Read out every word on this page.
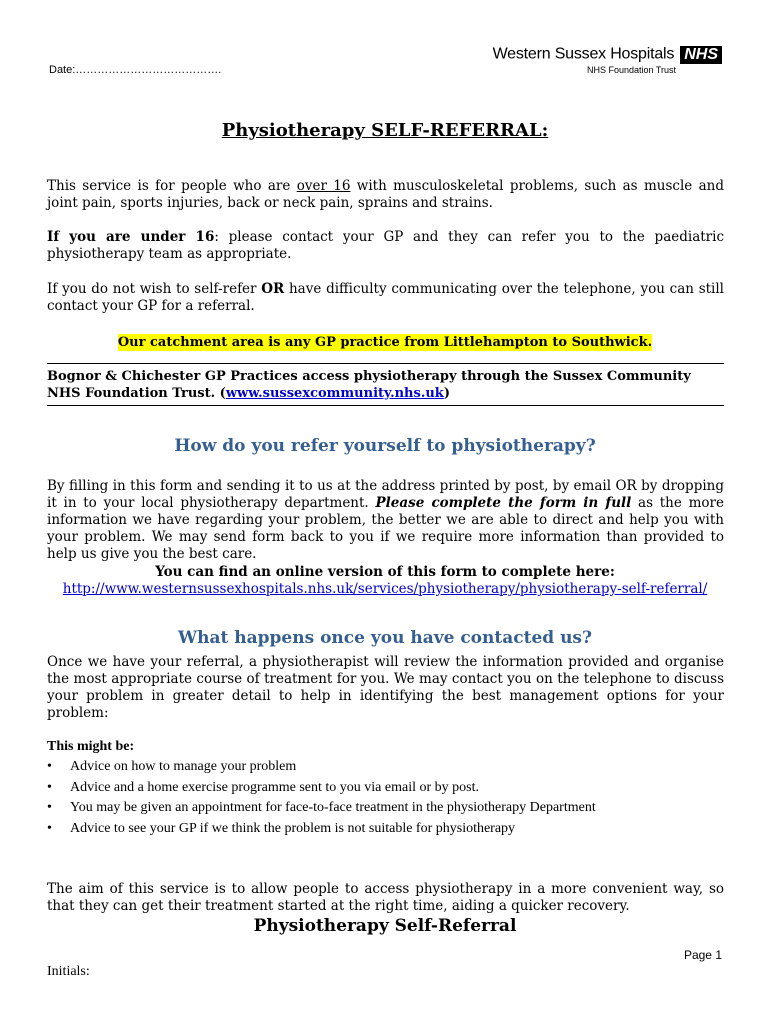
Date:………………………………….
Western Sussex Hospitals NHS
NHS Foundation Trust
Physiotherapy SELF-REFERRAL:
This service is for people who are over 16 with musculoskeletal problems, such as muscle and joint pain, sports injuries, back or neck pain, sprains and strains.
If you are under 16: please contact your GP and they can refer you to the paediatric physiotherapy team as appropriate.
If you do not wish to self-refer OR have difficulty communicating over the telephone, you can still contact your GP for a referral.
Our catchment area is any GP practice from Littlehampton to Southwick.
Bognor & Chichester GP Practices access physiotherapy through the Sussex Community NHS Foundation Trust. (www.sussexcommunity.nhs.uk)
How do you refer yourself to physiotherapy?
By filling in this form and sending it to us at the address printed by post, by email OR by dropping it in to your local physiotherapy department. Please complete the form in full as the more information we have regarding your problem, the better we are able to direct and help you with your problem. We may send form back to you if we require more information than provided to help us give you the best care.
You can find an online version of this form to complete here:
http://www.westernsussexhospitals.nhs.uk/services/physiotherapy/physiotherapy-self-referral/
What happens once you have contacted us?
Once we have your referral, a physiotherapist will review the information provided and organise the most appropriate course of treatment for you. We may contact you on the telephone to discuss your problem in greater detail to help in identifying the best management options for your problem:
This might be:
• Advice on how to manage your problem
• Advice and a home exercise programme sent to you via email or by post.
• You may be given an appointment for face-to-face treatment in the physiotherapy Department
• Advice to see your GP if we think the problem is not suitable for physiotherapy
The aim of this service is to allow people to access physiotherapy in a more convenient way, so that they can get their treatment started at the right time, aiding a quicker recovery.
Physiotherapy Self-Referral
Page 1
Initials:
